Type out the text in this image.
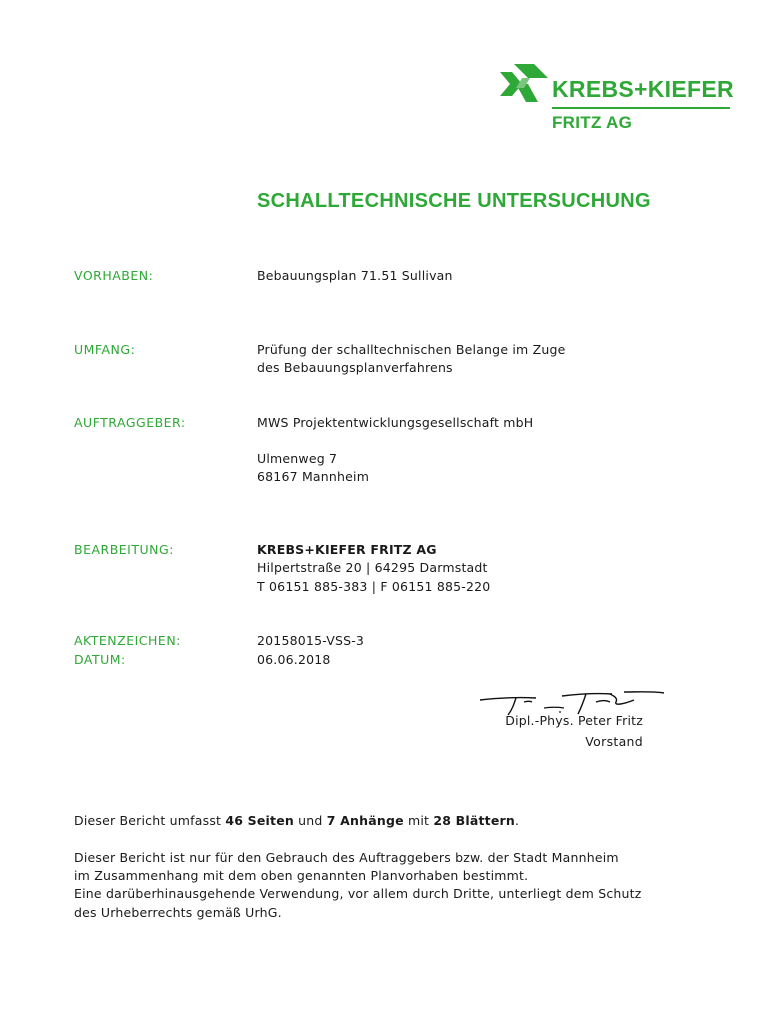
KREBS+KIEFER
FRITZ AG
SCHALLTECHNISCHE UNTERSUCHUNG
VORHABEN:	Bebauungsplan 71.51 Sullivan
UMFANG:	Prüfung der schalltechnischen Belange im Zuge
des Bebauungsplanverfahrens
AUFTRAGGEBER:	MWS Projektentwicklungsgesellschaft mbH
Ulmenweg 7
68167 Mannheim
BEARBEITUNG:	KREBS+KIEFER FRITZ AG
Hilpertstraße 20 | 64295 Darmstadt
T 06151 885-383 | F 06151 885-220
AKTENZEICHEN:	20158015-VSS-3
DATUM:	06.06.2018
Dipl.-Phys. Peter Fritz
Vorstand
Dieser Bericht umfasst 46 Seiten und 7 Anhänge mit 28 Blättern.
Dieser Bericht ist nur für den Gebrauch des Auftraggebers bzw. der Stadt Mannheim
im Zusammenhang mit dem oben genannten Planvorhaben bestimmt.
Eine darüberhinausgehende Verwendung, vor allem durch Dritte, unterliegt dem Schutz
des Urheberrechts gemäß UrhG.
